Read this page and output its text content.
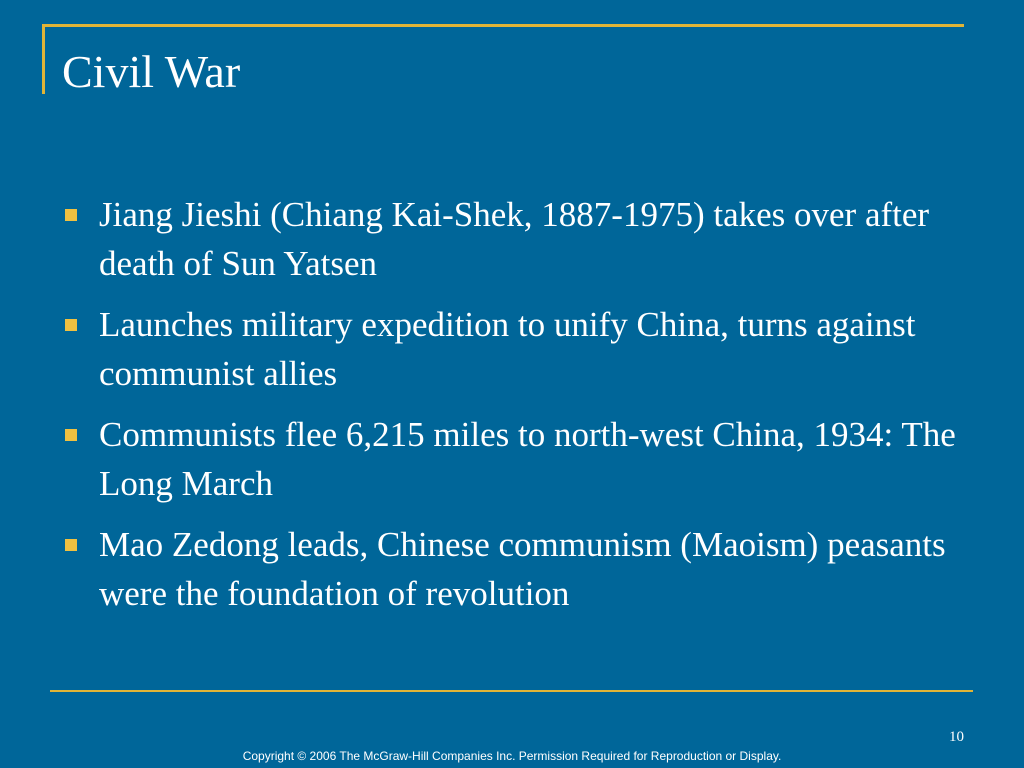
Civil War
Jiang Jieshi (Chiang Kai-Shek, 1887-1975) takes over after death of Sun Yatsen
Launches military expedition to unify China, turns against communist allies
Communists flee 6,215 miles to north-west China, 1934: The Long March
Mao Zedong leads, Chinese communism (Maoism) peasants were the foundation of revolution
10
Copyright © 2006 The McGraw-Hill Companies Inc. Permission Required for Reproduction or Display.
